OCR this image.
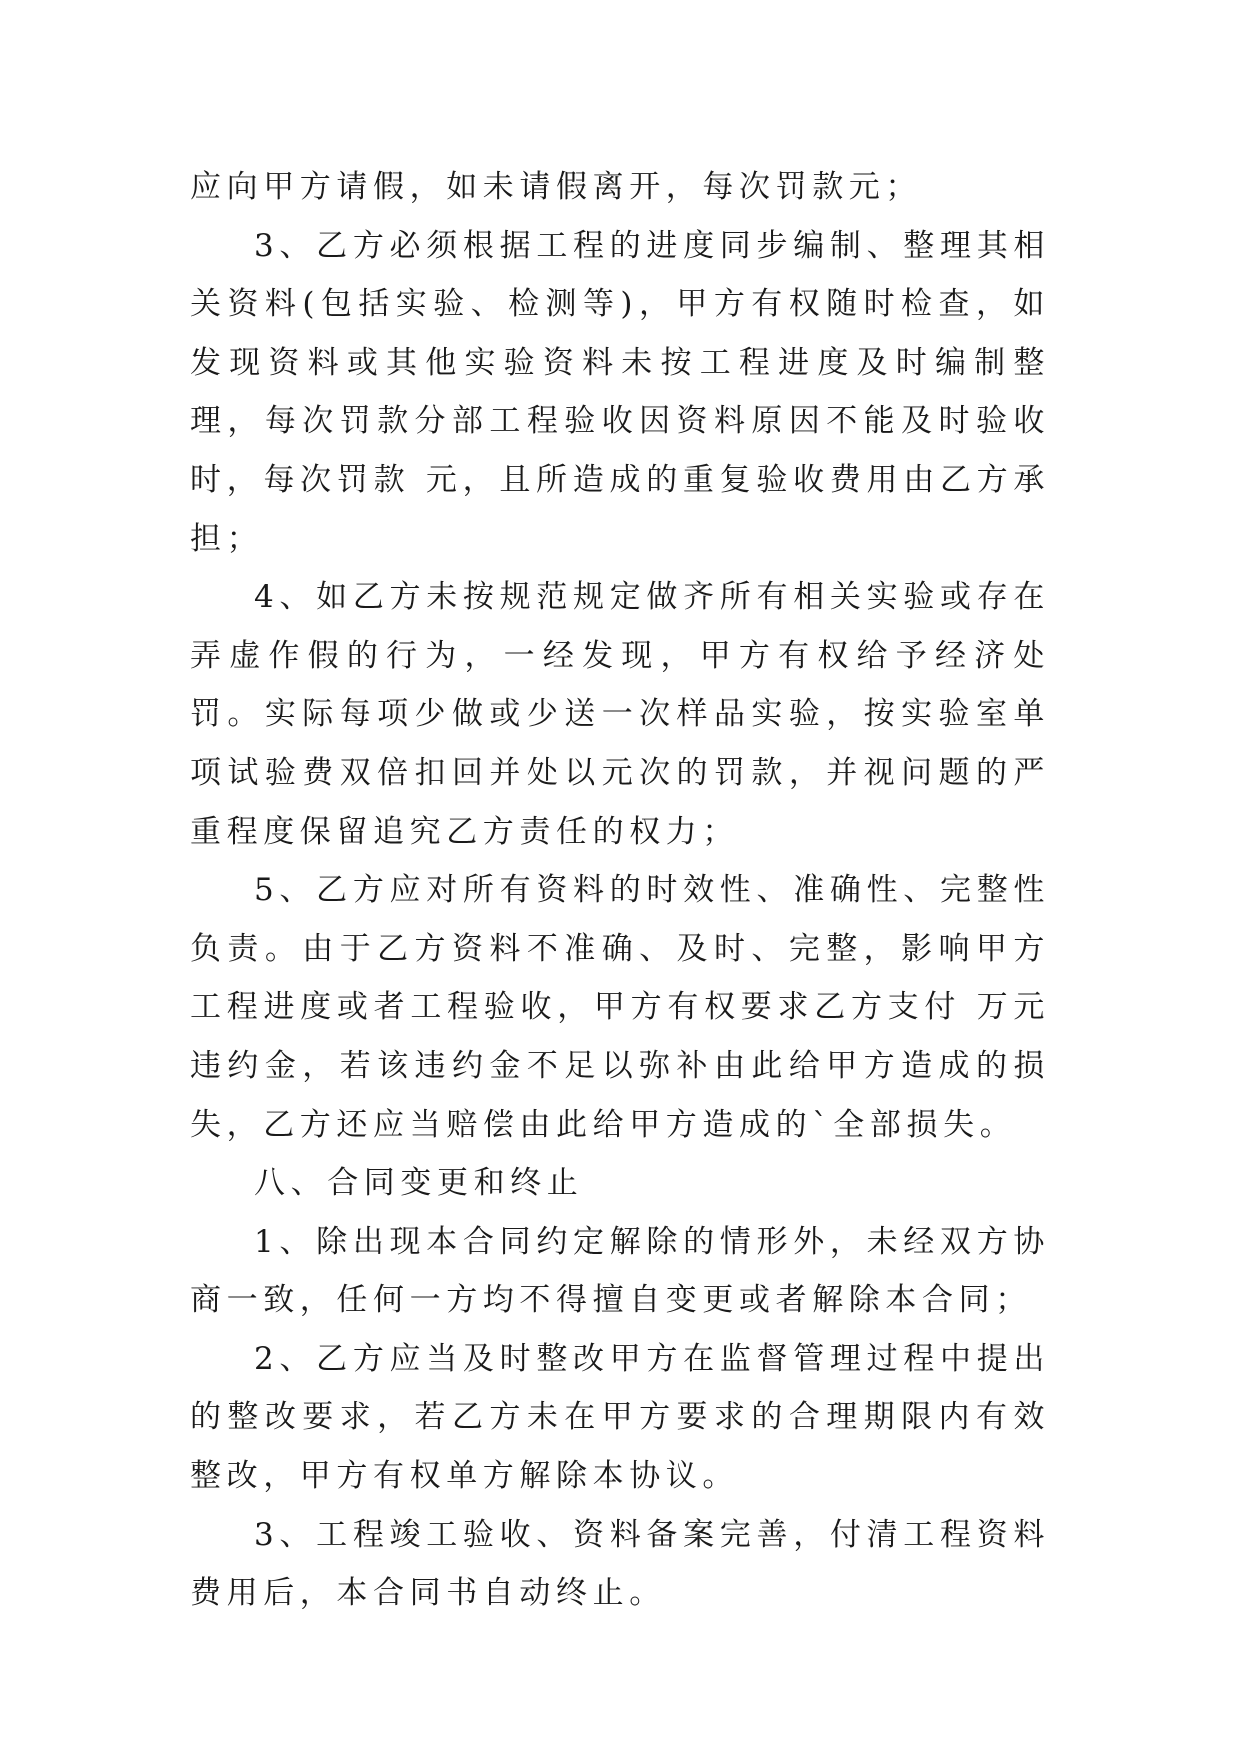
应向甲方请假，如未请假离开，每次罚款元；

3、乙方必须根据工程的进度同步编制、整理其相关资料(包括实验、检测等)，甲方有权随时检查，如发现资料或其他实验资料未按工程进度及时编制整理，每次罚款分部工程验收因资料原因不能及时验收时，每次罚款 元，且所造成的重复验收费用由乙方承担；

4、如乙方未按规范规定做齐所有相关实验或存在弄虚作假的行为，一经发现，甲方有权给予经济处罚。实际每项少做或少送一次样品实验，按实验室单项试验费双倍扣回并处以元次的罚款，并视问题的严重程度保留追究乙方责任的权力；

5、乙方应对所有资料的时效性、准确性、完整性负责。由于乙方资料不准确、及时、完整，影响甲方工程进度或者工程验收，甲方有权要求乙方支付 万元违约金，若该违约金不足以弥补由此给甲方造成的损失，乙方还应当赔偿由此给甲方造成的`全部损失。

八、合同变更和终止

1、除出现本合同约定解除的情形外，未经双方协商一致，任何一方均不得擅自变更或者解除本合同；

2、乙方应当及时整改甲方在监督管理过程中提出的整改要求，若乙方未在甲方要求的合理期限内有效整改，甲方有权单方解除本协议。

3、工程竣工验收、资料备案完善，付清工程资料费用后，本合同书自动终止。
